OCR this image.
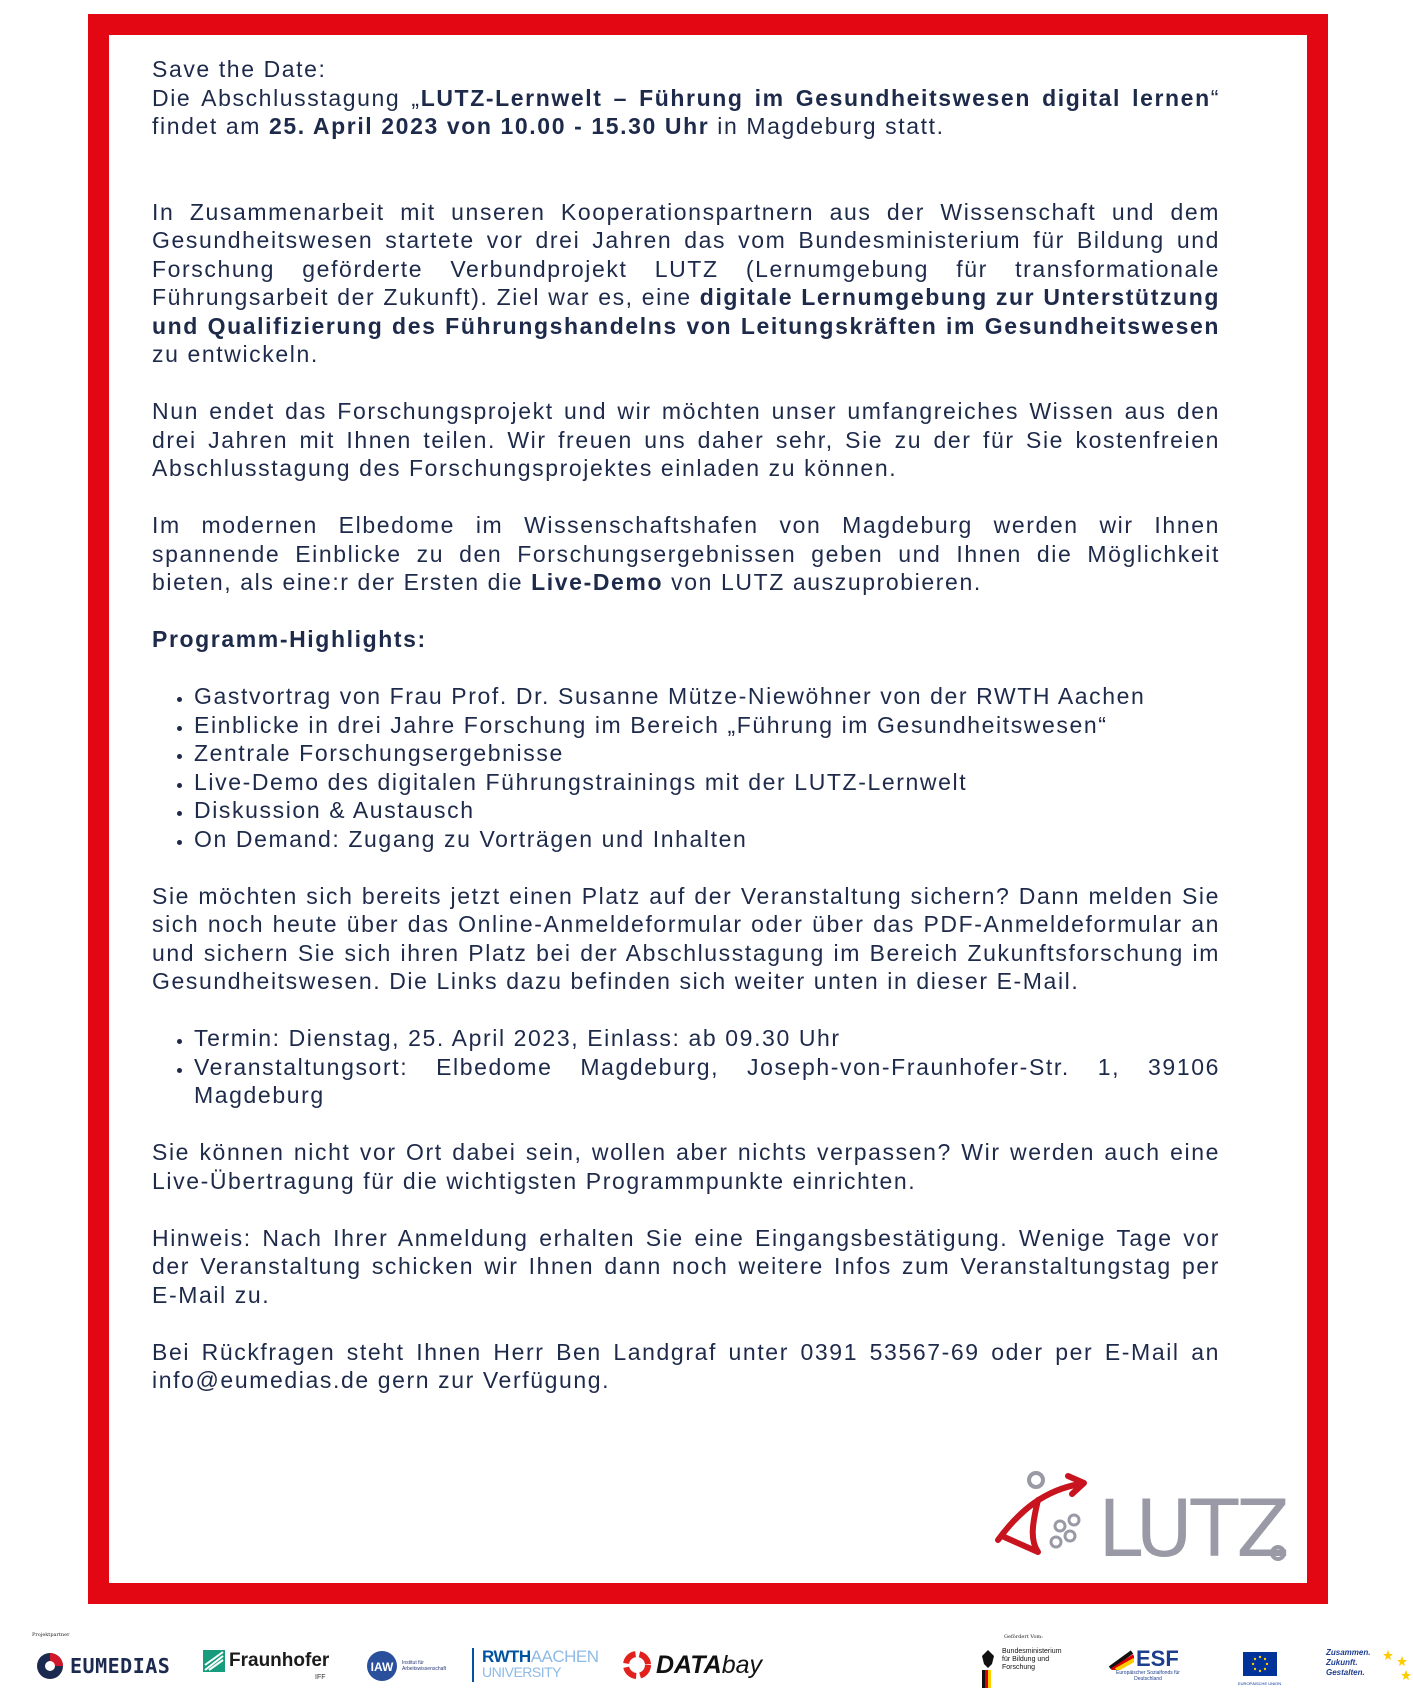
Save the Date:

Die Abschlusstagung „LUTZ-Lernwelt – Führung im Gesundheitswesen digital lernen“ findet am 25. April 2023 von 10.00 - 15.30 Uhr in Magdeburg statt.

In Zusammenarbeit mit unseren Kooperationspartnern aus der Wissenschaft und dem Gesundheitswesen startete vor drei Jahren das vom Bundesministerium für Bildung und Forschung geförderte Verbundprojekt LUTZ (Lernumgebung für transformationale Führungsarbeit der Zukunft). Ziel war es, eine digitale Lernumgebung zur Unterstützung und Qualifizierung des Führungshandelns von Leitungskräften im Gesundheitswesen zu entwickeln.

Nun endet das Forschungsprojekt und wir möchten unser umfangreiches Wissen aus den drei Jahren mit Ihnen teilen. Wir freuen uns daher sehr, Sie zu der für Sie kostenfreien Abschlusstagung des Forschungsprojektes einladen zu können.

Im modernen Elbedome im Wissenschaftshafen von Magdeburg werden wir Ihnen spannende Einblicke zu den Forschungsergebnissen geben und Ihnen die Möglichkeit bieten, als eine:r der Ersten die Live-Demo von LUTZ auszuprobieren.

Programm-Highlights:

• Gastvortrag von Frau Prof. Dr. Susanne Mütze-Niewöhner von der RWTH Aachen
• Einblicke in drei Jahre Forschung im Bereich „Führung im Gesundheitswesen“
• Zentrale Forschungsergebnisse
• Live-Demo des digitalen Führungstrainings mit der LUTZ-Lernwelt
• Diskussion & Austausch
• On Demand: Zugang zu Vorträgen und Inhalten

Sie möchten sich bereits jetzt einen Platz auf der Veranstaltung sichern? Dann melden Sie sich noch heute über das Online-Anmeldeformular oder über das PDF-Anmeldeformular an und sichern Sie sich ihren Platz bei der Abschlusstagung im Bereich Zukunftsforschung im Gesundheitswesen. Die Links dazu befinden sich weiter unten in dieser E-Mail.

• Termin: Dienstag, 25. April 2023, Einlass: ab 09.30 Uhr
• Veranstaltungsort: Elbedome Magdeburg, Joseph-von-Fraunhofer-Str. 1, 39106 Magdeburg

Sie können nicht vor Ort dabei sein, wollen aber nichts verpassen? Wir werden auch eine Live-Übertragung für die wichtigsten Programmpunkte einrichten.

Hinweis: Nach Ihrer Anmeldung erhalten Sie eine Eingangsbestätigung. Wenige Tage vor der Veranstaltung schicken wir Ihnen dann noch weitere Infos zum Veranstaltungstag per E-Mail zu.

Bei Rückfragen steht Ihnen Herr Ben Landgraf unter 0391 53567-69 oder per E-Mail an info@eumedias.de gern zur Verfügung.

LUTZ
Projektpartner	Gefördert Vom:
EUMEDIAS	Fraunhofer
IFF
IAW Institut für Arbeitswissenschaft
RWTHAACHEN
UNIVERSITY	DATAbay	Bundesministerium für Bildung und Forschung	ESF
Europäischer Sozialfonds für Deutschland
EUROPÄISCHE UNION
Zusammen. Zukunft. Gestalten.
